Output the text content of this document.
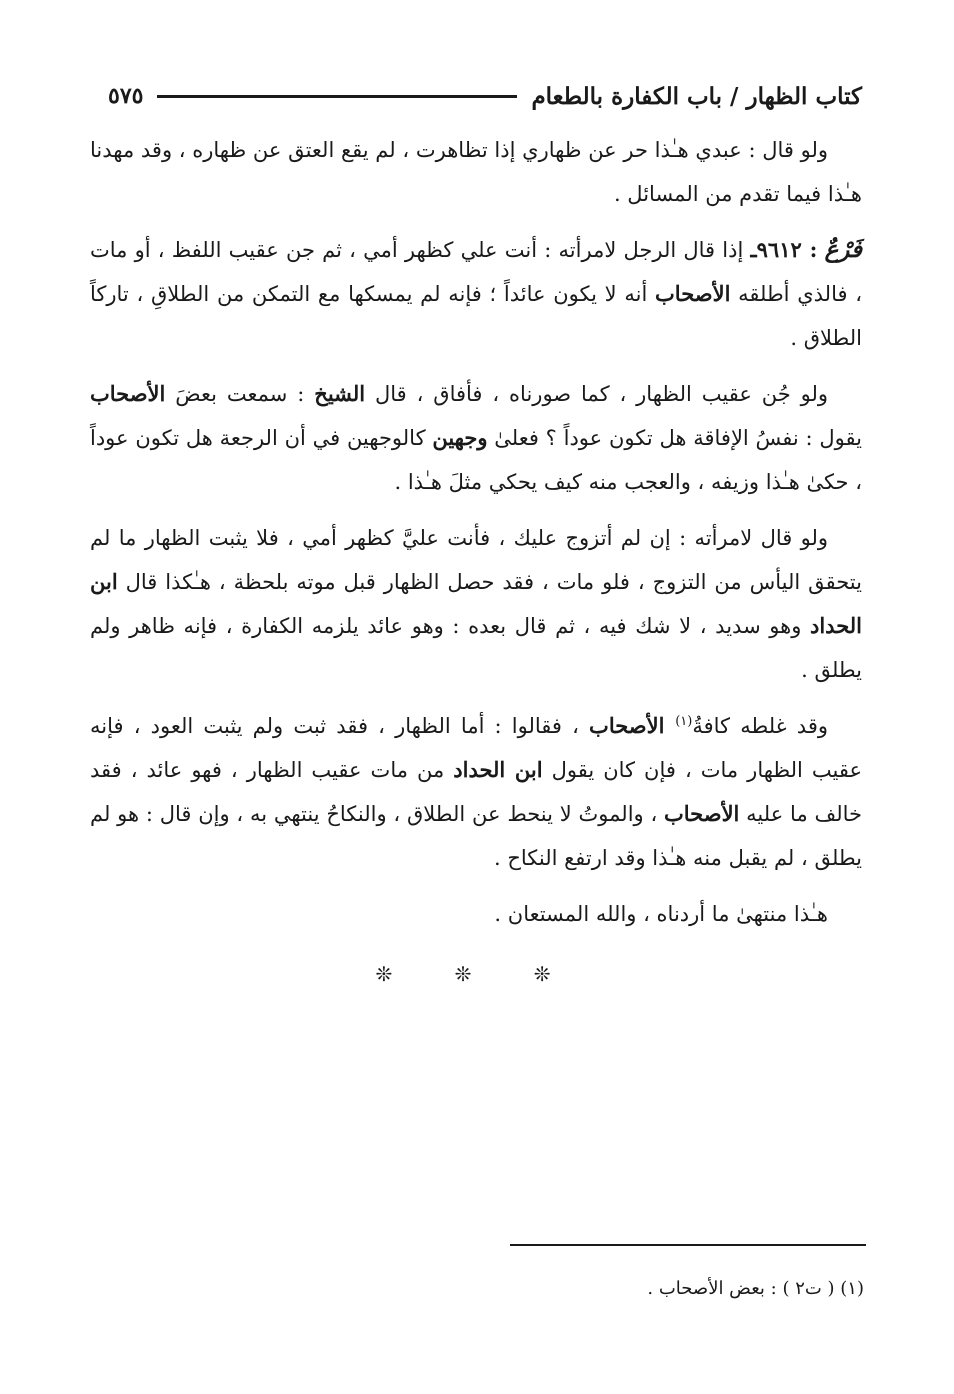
كتاب الظهار / باب الكفارة بالطعام
٥٧٥

ولو قال : عبدي هـٰذا حر عن ظهاري إذا تظاهرت ، لم يقع العتق عن ظهاره ، وقد مهدنا هـٰذا فيما تقدم من المسائل .

فَرْعٌ : ٩٦١٢ـ إذا قال الرجل لامرأته : أنت علي كظهر أمي ، ثم جن عقيب اللفظ ، أو مات ، فالذي أطلقه الأصحاب أنه لا يكون عائداً ؛ فإنه لم يمسكها مع التمكن من الطلاقِ ، تاركاً الطلاق .

ولو جُن عقيب الظهار ، كما صورناه ، فأفاق ، قال الشيخ : سمعت بعضَ الأصحاب يقول : نفسُ الإفاقة هل تكون عوداً ؟ فعلىٰ وجهين كالوجهين في أن الرجعة هل تكون عوداً ، حكىٰ هـٰذا وزيفه ، والعجب منه كيف يحكي مثلَ هـٰذا .

ولو قال لامرأته : إن لم أتزوج عليك ، فأنت عليَّ كظهر أمي ، فلا يثبت الظهار ما لم يتحقق اليأس من التزوج ، فلو مات ، فقد حصل الظهار قبل موته بلحظة ، هـٰكذا قال ابن الحداد وهو سديد ، لا شك فيه ، ثم قال بعده : وهو عائد يلزمه الكفارة ، فإنه ظاهر ولم يطلق .

وقد غلطه كافةُ$^{(١)}$ الأصحاب ، فقالوا : أما الظهار ، فقد ثبت ولم يثبت العود ، فإنه عقيب الظهار مات ، فإن كان يقول ابن الحداد من مات عقيب الظهار ، فهو عائد ، فقد خالف ما عليه الأصحاب ، والموتُ لا ينحط عن الطلاق ، والنكاحُ ينتهي به ، وإن قال : هو لم يطلق ، لم يقبل منه هـٰذا وقد ارتفع النكاح .

هـٰذا منتهىٰ ما أردناه ، والله المستعان .

❊ ❊ ❊
(١) ( ت٢ ) : بعض الأصحاب .
